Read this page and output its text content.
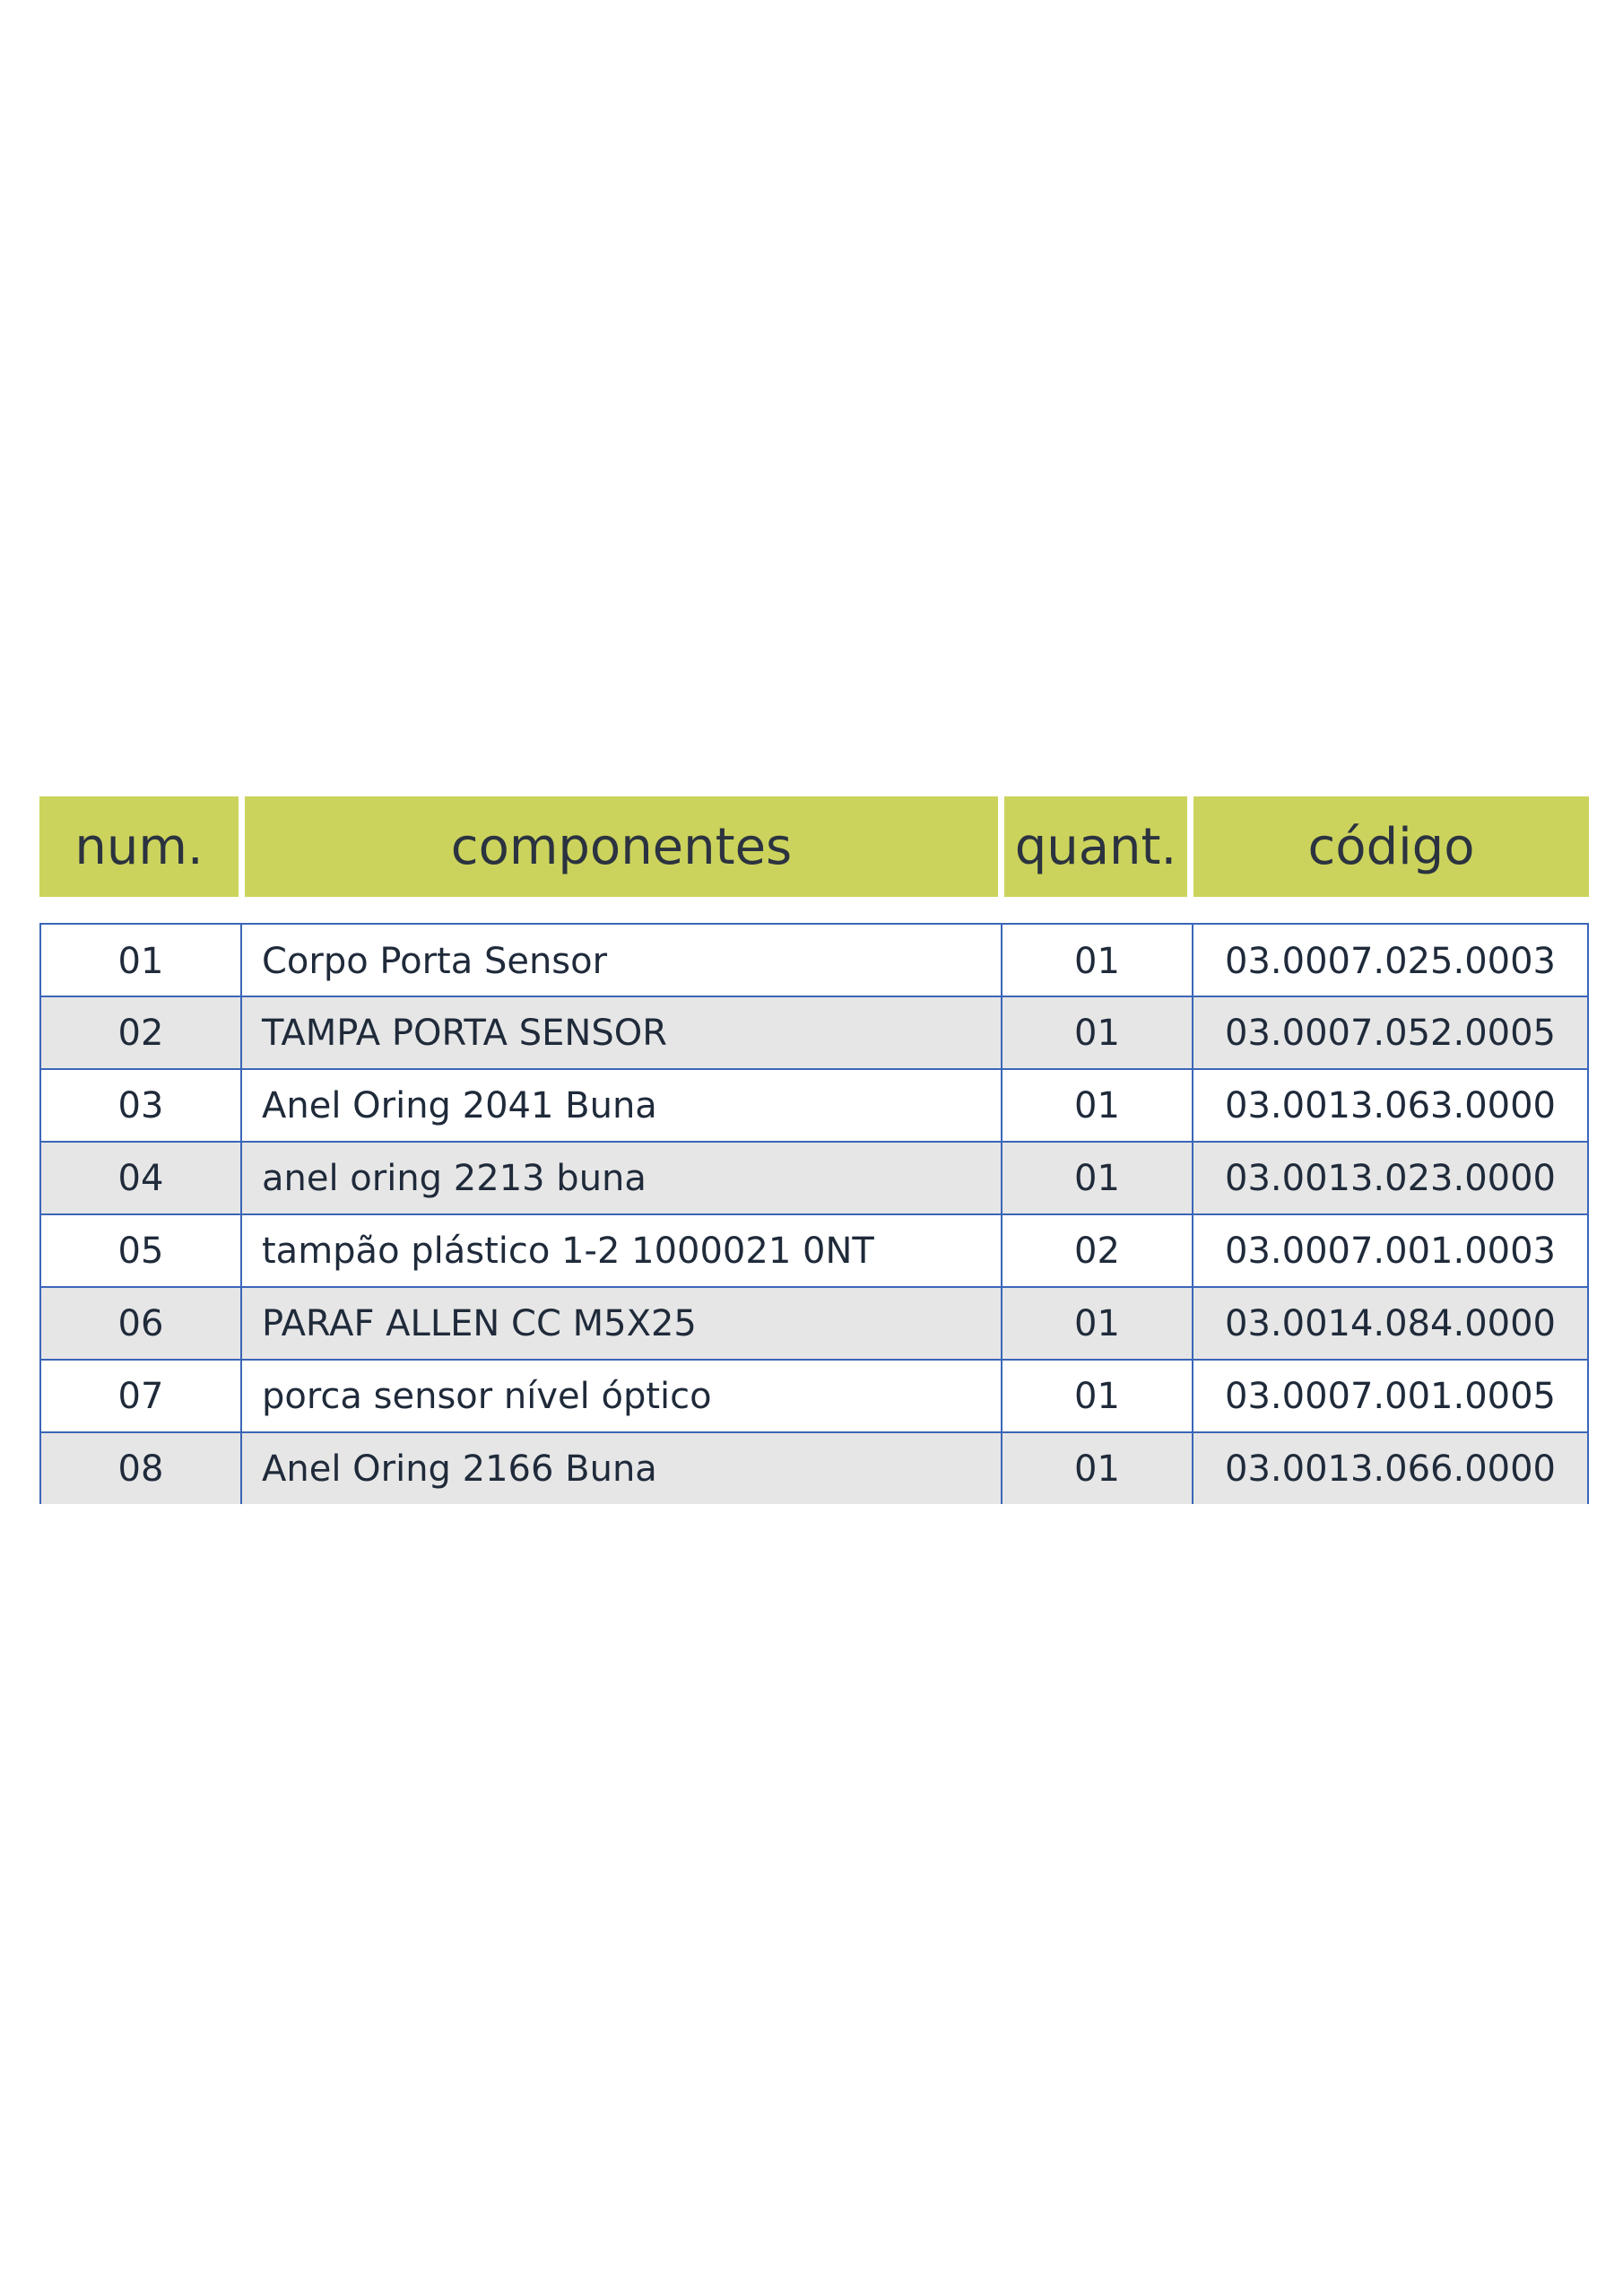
num.	componentes	quant.	código
01	Corpo Porta Sensor	01	03.0007.025.0003
02	TAMPA PORTA SENSOR	01	03.0007.052.0005
03	Anel Oring 2041 Buna	01	03.0013.063.0000
04	anel oring 2213 buna	01	03.0013.023.0000
05	tampão plástico 1-2 1000021 0NT	02	03.0007.001.0003
06	PARAF ALLEN CC M5X25	01	03.0014.084.0000
07	porca sensor nível óptico	01	03.0007.001.0005
08	Anel Oring 2166 Buna	01	03.0013.066.0000
